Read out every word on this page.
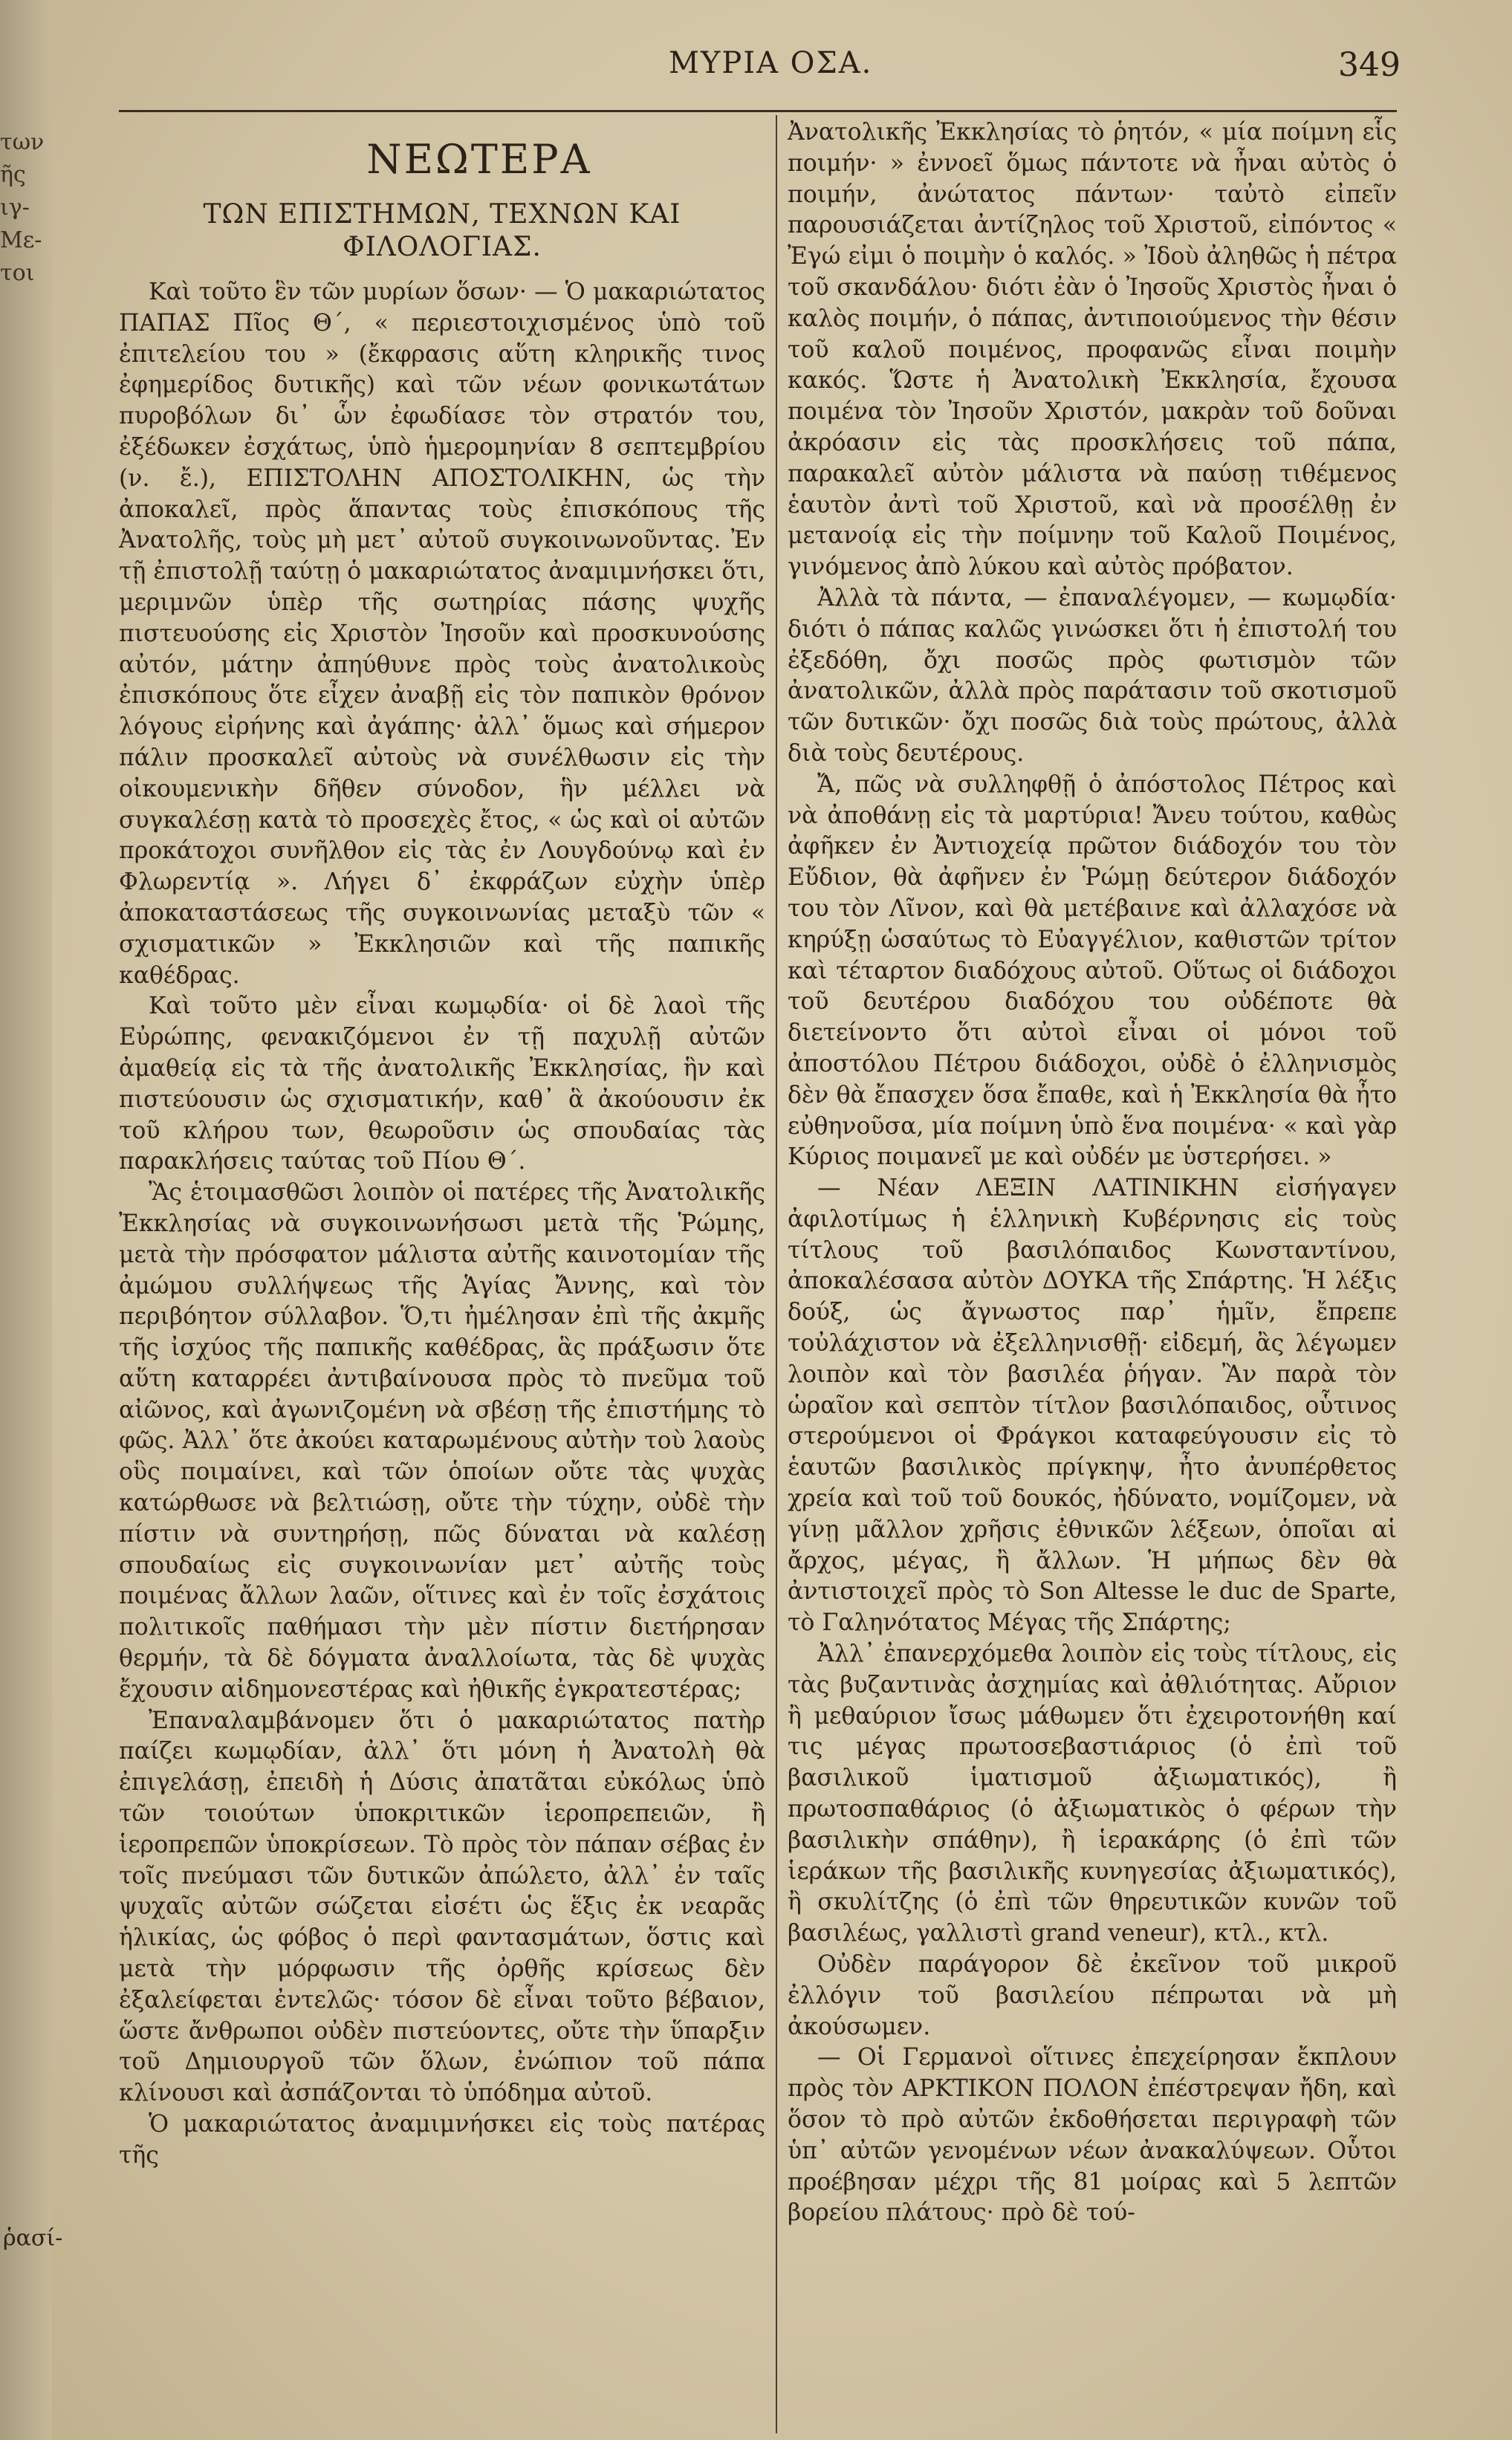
των
ῆς
ιγ-
Με-
τοι
ῥασί-
ΜΥΡΙΑ ΟΣΑ.	349
ΝΕΩΤΕΡΑ
ΤΩΝ ΕΠΙΣΤΗΜΩΝ, ΤΕΧΝΩΝ ΚΑΙ ΦΙΛΟΛΟΓΙΑΣ.

Καὶ τοῦτο ἓν τῶν μυρίων ὅσων· — Ὁ μακαριώτατος ΠΑΠΑΣ Πῖος Θ΄, « περιεστοιχισμένος ὑπὸ τοῦ ἐπιτελείου του » (ἔκφρασις αὕτη κληρικῆς τινος ἐφημερίδος δυτικῆς) καὶ τῶν νέων φονικωτάτων πυροβόλων δι᾽ ὧν ἐφωδίασε τὸν στρατόν του, ἐξέδωκεν ἐσχάτως, ὑπὸ ἡμερομηνίαν 8 σεπτεμβρίου (ν. ἔ.), ΕΠΙΣΤΟΛΗΝ ΑΠΟΣΤΟΛΙΚΗΝ, ὡς τὴν ἀποκαλεῖ, πρὸς ἅπαντας τοὺς ἐπισκόπους τῆς Ἀνατολῆς, τοὺς μὴ μετ᾽ αὐτοῦ συγκοινωνοῦντας. Ἐν τῇ ἐπιστολῇ ταύτῃ ὁ μακαριώτατος ἀναμιμνήσκει ὅτι, μεριμνῶν ὑπὲρ τῆς σωτηρίας πάσης ψυχῆς πιστευούσης εἰς Χριστὸν Ἰησοῦν καὶ προσκυνούσης αὐτόν, μάτην ἀπηύθυνε πρὸς τοὺς ἀνατολικοὺς ἐπισκόπους ὅτε εἶχεν ἀναβῇ εἰς τὸν παπικὸν θρόνον λόγους εἰρήνης καὶ ἀγάπης· ἀλλ᾽ ὅμως καὶ σήμερον πάλιν προσκαλεῖ αὐτοὺς νὰ συνέλθωσιν εἰς τὴν οἰκουμενικὴν δῆθεν σύνοδον, ἣν μέλλει νὰ συγκαλέσῃ κατὰ τὸ προσεχὲς ἔτος, « ὡς καὶ οἱ αὐτῶν προκάτοχοι συνῆλθον εἰς τὰς ἐν Λουγδούνῳ καὶ ἐν Φλωρεντίᾳ ». Λήγει δ᾽ ἐκφράζων εὐχὴν ὑπὲρ ἀποκαταστάσεως τῆς συγκοινωνίας μεταξὺ τῶν « σχισματικῶν » Ἐκκλησιῶν καὶ τῆς παπικῆς καθέδρας.

Καὶ τοῦτο μὲν εἶναι κωμῳδία· οἱ δὲ λαοὶ τῆς Εὐρώπης, φενακιζόμενοι ἐν τῇ παχυλῇ αὐτῶν ἀμαθείᾳ εἰς τὰ τῆς ἀνατολικῆς Ἐκκλησίας, ἣν καὶ πιστεύουσιν ὡς σχισματικήν, καθ᾽ ἃ ἀκούουσιν ἐκ τοῦ κλήρου των, θεωροῦσιν ὡς σπουδαίας τὰς παρακλήσεις ταύτας τοῦ Πίου Θ΄.

Ἂς ἑτοιμασθῶσι λοιπὸν οἱ πατέρες τῆς Ἀνατολικῆς Ἐκκλησίας νὰ συγκοινωνήσωσι μετὰ τῆς Ῥώμης, μετὰ τὴν πρόσφατον μάλιστα αὐτῆς καινοτομίαν τῆς ἀμώμου συλλήψεως τῆς Ἁγίας Ἄννης, καὶ τὸν περιβόητον σύλλαβον. Ὅ,τι ἠμέλησαν ἐπὶ τῆς ἀκμῆς τῆς ἰσχύος τῆς παπικῆς καθέδρας, ἃς πράξωσιν ὅτε αὕτη καταρρέει ἀντιβαίνουσα πρὸς τὸ πνεῦμα τοῦ αἰῶνος, καὶ ἀγωνιζομένη νὰ σβέσῃ τῆς ἐπιστήμης τὸ φῶς. Ἀλλ᾽ ὅτε ἀκούει καταρωμένους αὐτὴν τοὺ λαοὺς οὓς ποιμαίνει, καὶ τῶν ὁποίων οὔτε τὰς ψυχὰς κατώρθωσε νὰ βελτιώσῃ, οὔτε τὴν τύχην, οὐδὲ τὴν πίστιν νὰ συντηρήσῃ, πῶς δύναται νὰ καλέσῃ σπουδαίως εἰς συγκοινωνίαν μετ᾽ αὐτῆς τοὺς ποιμένας ἄλλων λαῶν, οἵτινες καὶ ἐν τοῖς ἐσχάτοις πολιτικοῖς παθήμασι τὴν μὲν πίστιν διετήρησαν θερμήν, τὰ δὲ δόγματα ἀναλλοίωτα, τὰς δὲ ψυχὰς ἔχουσιν αἰδημονεστέρας καὶ ἠθικῆς ἐγκρατεστέρας;

Ἐπαναλαμβάνομεν ὅτι ὁ μακαριώτατος πατὴρ παίζει κωμῳδίαν, ἀλλ᾽ ὅτι μόνη ἡ Ἀνατολὴ θὰ ἐπιγελάσῃ, ἐπειδὴ ἡ Δύσις ἀπατᾶται εὐκόλως ὑπὸ τῶν τοιούτων ὑποκριτικῶν ἱεροπρεπειῶν, ἢ ἱεροπρεπῶν ὑποκρίσεων. Τὸ πρὸς τὸν πάπαν σέβας ἐν τοῖς πνεύμασι τῶν δυτικῶν ἀπώλετο, ἀλλ᾽ ἐν ταῖς ψυχαῖς αὐτῶν σώζεται εἰσέτι ὡς ἕξις ἐκ νεαρᾶς ἡλικίας, ὡς φόβος ὁ περὶ φαντασμάτων, ὅστις καὶ μετὰ τὴν μόρφωσιν τῆς ὀρθῆς κρίσεως δὲν ἐξαλείφεται ἐντελῶς· τόσον δὲ εἶναι τοῦτο βέβαιον, ὥστε ἄνθρωποι οὐδὲν πιστεύοντες, οὔτε τὴν ὕπαρξιν τοῦ Δημιουργοῦ τῶν ὅλων, ἐνώπιον τοῦ πάπα κλίνουσι καὶ ἀσπάζονται τὸ ὑπόδημα αὐτοῦ.

Ὁ μακαριώτατος ἀναμιμνήσκει εἰς τοὺς πατέρας τῆς

Ἀνατολικῆς Ἐκκλησίας τὸ ῥητόν, « μία ποίμνη εἷς ποιμήν· » ἐννοεῖ ὅμως πάντοτε νὰ ἦναι αὐτὸς ὁ ποιμήν, ἀνώτατος πάντων· ταὐτὸ εἰπεῖν παρουσιάζεται ἀντίζηλος τοῦ Χριστοῦ, εἰπόντος « Ἐγώ εἰμι ὁ ποιμὴν ὁ καλός. » Ἰδοὺ ἀληθῶς ἡ πέτρα τοῦ σκανδάλου· διότι ἐὰν ὁ Ἰησοῦς Χριστὸς ἦναι ὁ καλὸς ποιμήν, ὁ πάπας, ἀντιποιούμενος τὴν θέσιν τοῦ καλοῦ ποιμένος, προφανῶς εἶναι ποιμὴν κακός. Ὥστε ἡ Ἀνατολικὴ Ἐκκλησία, ἔχουσα ποιμένα τὸν Ἰησοῦν Χριστόν, μακρὰν τοῦ δοῦναι ἀκρόασιν εἰς τὰς προσκλήσεις τοῦ πάπα, παρακαλεῖ αὐτὸν μάλιστα νὰ παύσῃ τιθέμενος ἑαυτὸν ἀντὶ τοῦ Χριστοῦ, καὶ νὰ προσέλθῃ ἐν μετανοίᾳ εἰς τὴν ποίμνην τοῦ Καλοῦ Ποιμένος, γινόμενος ἀπὸ λύκου καὶ αὐτὸς πρόβατον.

Ἀλλὰ τὰ πάντα, — ἐπαναλέγομεν, — κωμῳδία· διότι ὁ πάπας καλῶς γινώσκει ὅτι ἡ ἐπιστολή του ἐξεδόθη, ὄχι ποσῶς πρὸς φωτισμὸν τῶν ἀνατολικῶν, ἀλλὰ πρὸς παράτασιν τοῦ σκοτισμοῦ τῶν δυτικῶν· ὄχι ποσῶς διὰ τοὺς πρώτους, ἀλλὰ διὰ τοὺς δευτέρους.

Ἄ, πῶς νὰ συλληφθῇ ὁ ἀπόστολος Πέτρος καὶ νὰ ἀποθάνῃ εἰς τὰ μαρτύρια! Ἄνευ τούτου, καθὼς ἀφῆκεν ἐν Ἀντιοχείᾳ πρῶτον διάδοχόν του τὸν Εὔδιον, θὰ ἀφῆνεν ἐν Ῥώμῃ δεύτερον διάδοχόν του τὸν Λῖνον, καὶ θὰ μετέβαινε καὶ ἀλλαχόσε νὰ κηρύξῃ ὡσαύτως τὸ Εὐαγγέλιον, καθιστῶν τρίτον καὶ τέταρτον διαδόχους αὐτοῦ. Οὕτως οἱ διάδοχοι τοῦ δευτέρου διαδόχου του οὐδέποτε θὰ διετείνοντο ὅτι αὐτοὶ εἶναι οἱ μόνοι τοῦ ἀποστόλου Πέτρου διάδοχοι, οὐδὲ ὁ ἐλληνισμὸς δὲν θὰ ἔπασχεν ὅσα ἔπαθε, καὶ ἡ Ἐκκλησία θὰ ἦτο εὐθηνοῦσα, μία ποίμνη ὑπὸ ἕνα ποιμένα· « καὶ γὰρ Κύριος ποιμανεῖ με καὶ οὐδέν με ὑστερήσει. »

— Νέαν ΛΕΞΙΝ ΛΑΤΙΝΙΚΗΝ εἰσήγαγεν ἀφιλοτίμως ἡ ἑλληνικὴ Κυβέρνησις εἰς τοὺς τίτλους τοῦ βασιλόπαιδος Κωνσταντίνου, ἀποκαλέσασα αὐτὸν ΔΟΥΚΑ τῆς Σπάρτης. Ἡ λέξις δούξ, ὡς ἄγνωστος παρ᾽ ἡμῖν, ἔπρεπε τοὐλάχιστον νὰ ἐξελληνισθῇ· εἰδεμή, ἂς λέγωμεν λοιπὸν καὶ τὸν βασιλέα ῥήγαν. Ἂν παρὰ τὸν ὡραῖον καὶ σεπτὸν τίτλον βασιλόπαιδος, οὗτινος στερούμενοι οἱ Φράγκοι καταφεύγουσιν εἰς τὸ ἑαυτῶν βασιλικὸς πρίγκηψ, ἦτο ἀνυπέρθετος χρεία καὶ τοῦ τοῦ δουκός, ἠδύνατο, νομίζομεν, νὰ γίνῃ μᾶλλον χρῆσις ἐθνικῶν λέξεων, ὁποῖαι αἱ ἄρχος, μέγας, ἢ ἄλλων. Ἡ μήπως δὲν θὰ ἀντιστοιχεῖ πρὸς τὸ Son Altesse le duc de Sparte, τὸ Γαληνότατος Μέγας τῆς Σπάρτης;

Ἀλλ᾽ ἐπανερχόμεθα λοιπὸν εἰς τοὺς τίτλους, εἰς τὰς βυζαντινὰς ἀσχημίας καὶ ἀθλιότητας. Αὔριον ἢ μεθαύριον ἴσως μάθωμεν ὅτι ἐχειροτονήθη καί τις μέγας πρωτοσεβαστιάριος (ὁ ἐπὶ τοῦ βασιλικοῦ ἱματισμοῦ ἀξιωματικός), ἢ πρωτοσπαθάριος (ὁ ἀξιωματικὸς ὁ φέρων τὴν βασιλικὴν σπάθην), ἢ ἱερακάρης (ὁ ἐπὶ τῶν ἱεράκων τῆς βασιλικῆς κυνηγεσίας ἀξιωματικός), ἢ σκυλίτζης (ὁ ἐπὶ τῶν θηρευτικῶν κυνῶν τοῦ βασιλέως, γαλλιστὶ grand veneur), κτλ., κτλ.

Οὐδὲν παράγορον δὲ ἐκεῖνον τοῦ μικροῦ ἐλλόγιν τοῦ βασιλείου πέπρωται νὰ μὴ ἀκούσωμεν.

— Οἱ Γερμανοὶ οἵτινες ἐπεχείρησαν ἔκπλουν πρὸς τὸν ΑΡΚΤΙΚΟΝ ΠΟΛΟΝ ἐπέστρεψαν ἤδη, καὶ ὅσον τὸ πρὸ αὐτῶν ἐκδοθήσεται περιγραφὴ τῶν ὑπ᾽ αὐτῶν γενομένων νέων ἀνακαλύψεων. Οὗτοι προέβησαν μέχρι τῆς 81 μοίρας καὶ 5 λεπτῶν βορείου πλάτους· πρὸ δὲ τού-
